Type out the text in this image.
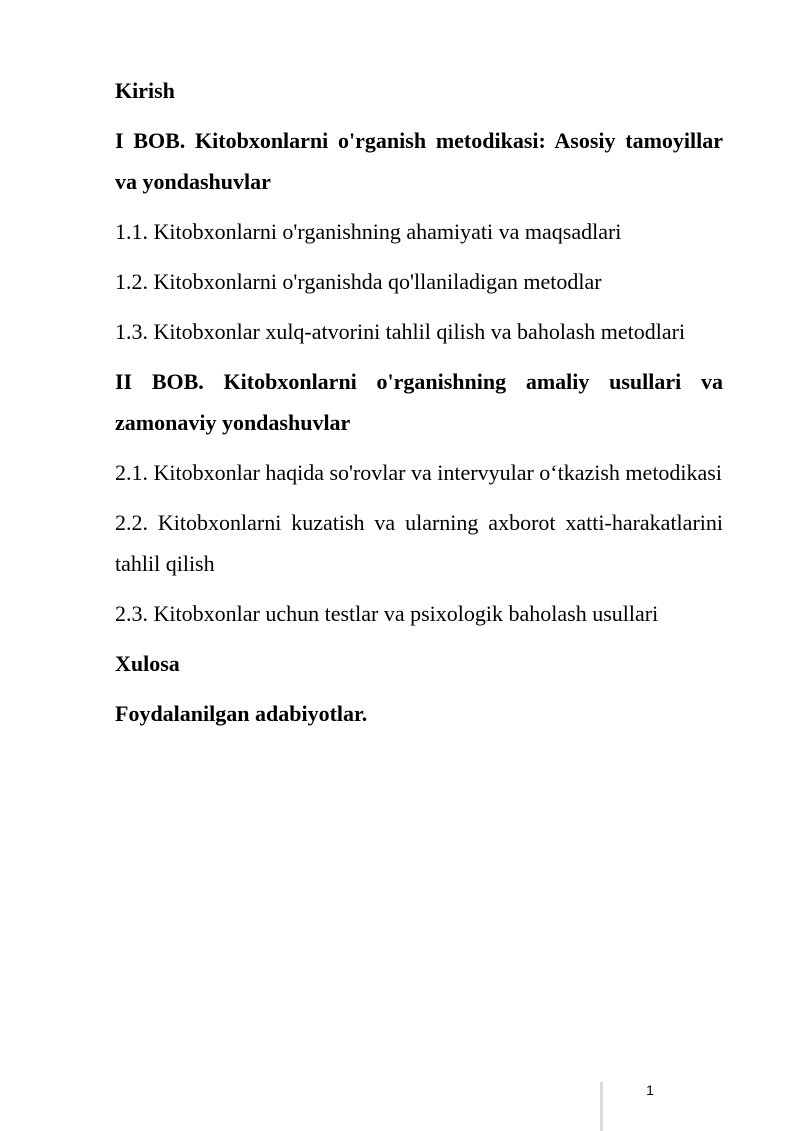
Kirish

I BOB. Kitobxonlarni o'rganish metodikasi: Asosiy tamoyillar va yondashuvlar

1.1. Kitobxonlarni o'rganishning ahamiyati va maqsadlari

1.2. Kitobxonlarni o'rganishda qo'llaniladigan metodlar

1.3. Kitobxonlar xulq-atvorini tahlil qilish va baholash metodlari

II BOB. Kitobxonlarni o'rganishning amaliy usullari va zamonaviy yondashuvlar

2.1. Kitobxonlar haqida so'rovlar va intervyular o‘tkazish metodikasi

2.2. Kitobxonlarni kuzatish va ularning axborot xatti-harakatlarini tahlil qilish

2.3. Kitobxonlar uchun testlar va psixologik baholash usullari

Xulosa

Foydalanilgan adabiyotlar.

1
